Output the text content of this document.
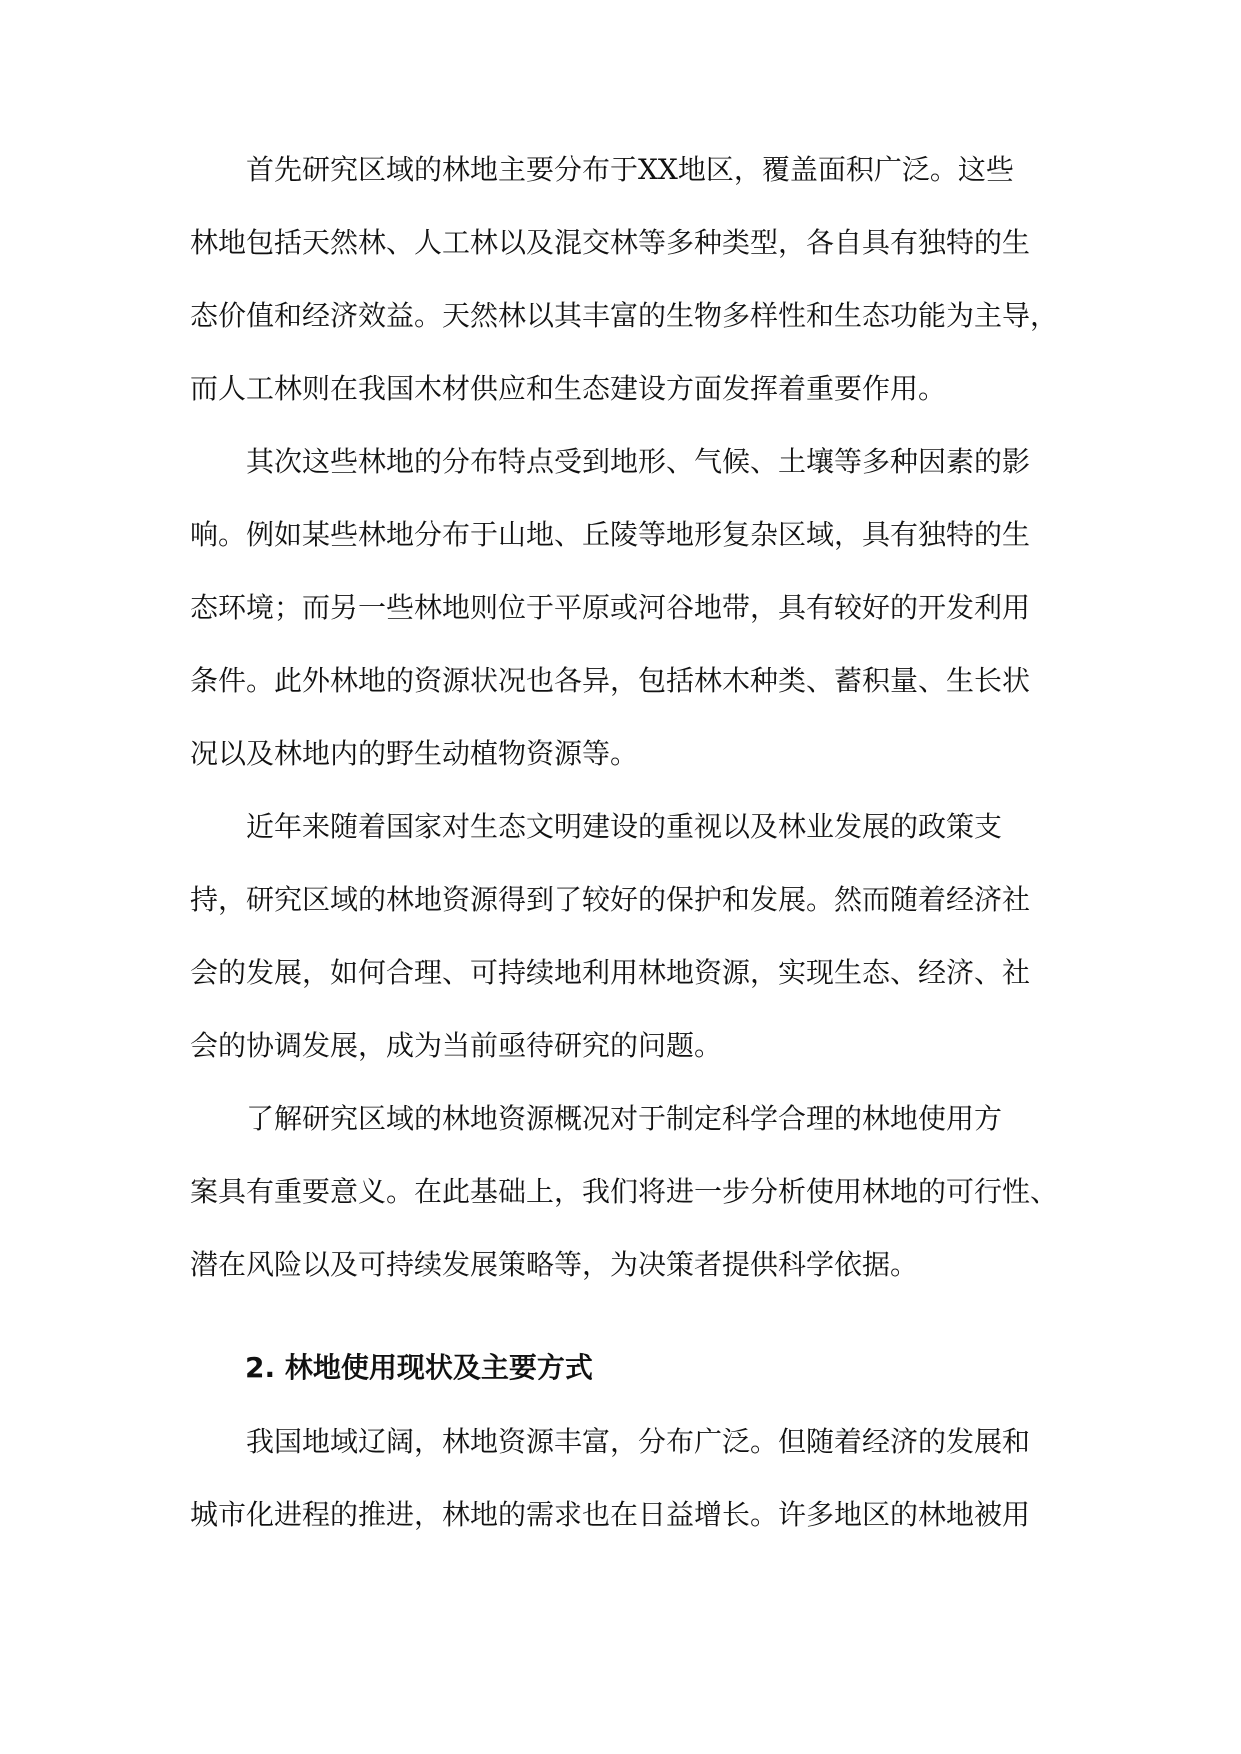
　　首先研究区域的林地主要分布于XX地区，覆盖面积广泛。这些
林地包括天然林、人工林以及混交林等多种类型，各自具有独特的生
态价值和经济效益。天然林以其丰富的生物多样性和生态功能为主导，
而人工林则在我国木材供应和生态建设方面发挥着重要作用。
　　其次这些林地的分布特点受到地形、气候、土壤等多种因素的影
响。例如某些林地分布于山地、丘陵等地形复杂区域，具有独特的生
态环境；而另一些林地则位于平原或河谷地带，具有较好的开发利用
条件。此外林地的资源状况也各异，包括林木种类、蓄积量、生长状
况以及林地内的野生动植物资源等。
　　近年来随着国家对生态文明建设的重视以及林业发展的政策支
持，研究区域的林地资源得到了较好的保护和发展。然而随着经济社
会的发展，如何合理、可持续地利用林地资源，实现生态、经济、社
会的协调发展，成为当前亟待研究的问题。
　　了解研究区域的林地资源概况对于制定科学合理的林地使用方
案具有重要意义。在此基础上，我们将进一步分析使用林地的可行性、
潜在风险以及可持续发展策略等，为决策者提供科学依据。
2. 林地使用现状及主要方式
　　我国地域辽阔，林地资源丰富，分布广泛。但随着经济的发展和
城市化进程的推进，林地的需求也在日益增长。许多地区的林地被用
